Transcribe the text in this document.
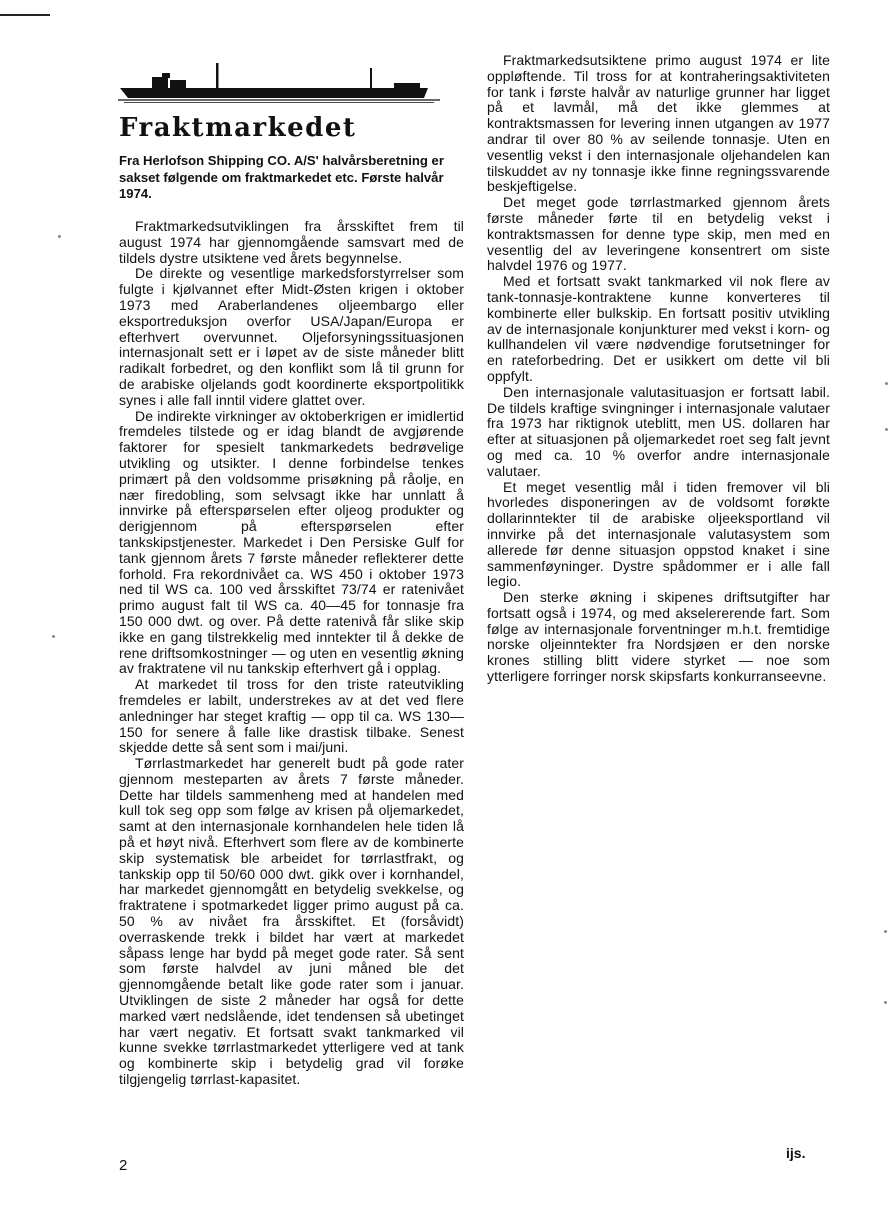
Fraktmarkedet

Fra Herlofson Shipping CO. A/S' halvårsberetning er sakset følgende om fraktmarkedet etc. Første halvår 1974.

Fraktmarkedsutviklingen fra årsskiftet frem til august 1974 har gjennomgående samsvart med de tildels dystre utsiktene ved årets begynnelse.

De direkte og vesentlige markedsforstyrrelser som fulgte i kjølvannet efter Midt-Østen krigen i oktober 1973 med Araberlandenes oljeembargo eller eksportreduksjon overfor USA/Japan/Europa er efterhvert overvunnet. Oljeforsyningssituasjonen internasjonalt sett er i løpet av de siste måneder blitt radikalt forbedret, og den konflikt som lå til grunn for de arabiske oljelands godt koordinerte eksportpolitikk synes i alle fall inntil videre glattet over.

De indirekte virkninger av oktoberkrigen er imidlertid fremdeles tilstede og er idag blandt de avgjørende faktorer for spesielt tankmarkedets bedrøvelige utvikling og utsikter. I denne forbindelse tenkes primært på den voldsomme prisøkning på råolje, en nær firedobling, som selvsagt ikke har unnlatt å innvirke på efterspørselen efter oljeog produkter og derigjennom på efterspørselen efter tankskipstjenester. Markedet i Den Persiske Gulf for tank gjennom årets 7 første måneder reflekterer dette forhold. Fra rekordnivået ca. WS 450 i oktober 1973 ned til WS ca. 100 ved årsskiftet 73/74 er ratenivået primo august falt til WS ca. 40—45 for tonnasje fra 150 000 dwt. og over. På dette ratenivå får slike skip ikke en gang tilstrekkelig med inntekter til å dekke de rene driftsomkostninger — og uten en vesentlig økning av fraktratene vil nu tankskip efterhvert gå i opplag.

At markedet til tross for den triste rateutvikling fremdeles er labilt, understrekes av at det ved flere anledninger har steget kraftig — opp til ca. WS 130—150 for senere å falle like drastisk tilbake. Senest skjedde dette så sent som i mai/juni.

Tørrlastmarkedet har generelt budt på gode rater gjennom mesteparten av årets 7 første måneder. Dette har tildels sammenheng med at handelen med kull tok seg opp som følge av krisen på oljemarkedet, samt at den internasjonale kornhandelen hele tiden lå på et høyt nivå. Efterhvert som flere av de kombinerte skip systematisk ble arbeidet for tørrlastfrakt, og tankskip opp til 50/60 000 dwt. gikk over i kornhandel, har markedet gjennomgått en betydelig svekkelse, og fraktratene i spotmarkedet ligger primo august på ca. 50 % av nivået fra årsskiftet. Et (forsåvidt) overraskende trekk i bildet har vært at markedet såpass lenge har bydd på meget gode rater. Så sent som første halvdel av juni måned ble det gjennomgående betalt like gode rater som i januar. Utviklingen de siste 2 måneder har også for dette marked vært nedslående, idet tendensen så ubetinget har vært negativ. Et fortsatt svakt tankmarked vil kunne svekke tørrlastmarkedet ytterligere ved at tank og kombinerte skip i betydelig grad vil forøke tilgjengelig tørrlast-kapasitet.

Fraktmarkedsutsiktene primo august 1974 er lite oppløftende. Til tross for at kontraheringsaktiviteten for tank i første halvår av naturlige grunner har ligget på et lavmål, må det ikke glemmes at kontraktsmassen for levering innen utgangen av 1977 andrar til over 80 % av seilende tonnasje. Uten en vesentlig vekst i den internasjonale oljehandelen kan tilskuddet av ny tonnasje ikke finne regningssvarende beskjeftigelse.

Det meget gode tørrlastmarked gjennom årets første måneder førte til en betydelig vekst i kontraktsmassen for denne type skip, men med en vesentlig del av leveringene konsentrert om siste halvdel 1976 og 1977.

Med et fortsatt svakt tankmarked vil nok flere av tank-tonnasje-kontraktene kunne konverteres til kombinerte eller bulkskip. En fortsatt positiv utvikling av de internasjonale konjunkturer med vekst i korn- og kullhandelen vil være nødvendige forutsetninger for en rateforbedring. Det er usikkert om dette vil bli oppfylt.

Den internasjonale valutasituasjon er fortsatt labil. De tildels kraftige svingninger i internasjonale valutaer fra 1973 har riktignok uteblitt, men US. dollaren har efter at situasjonen på oljemarkedet roet seg falt jevnt og med ca. 10 % overfor andre internasjonale valutaer.

Et meget vesentlig mål i tiden fremover vil bli hvorledes disponeringen av de voldsomt forøkte dollarinntekter til de arabiske oljeeksportland vil innvirke på det internasjonale valutasystem som allerede før denne situasjon oppstod knaket i sine sammenføyninger. Dystre spådommer er i alle fall legio.

Den sterke økning i skipenes driftsutgifter har fortsatt også i 1974, og med akselererende fart. Som følge av internasjonale forventninger m.h.t. fremtidige norske oljeinntekter fra Nordsjøen er den norske krones stilling blitt videre styrket — noe som ytterligere forringer norsk skipsfarts konkurranseevne.

ijs.

2
